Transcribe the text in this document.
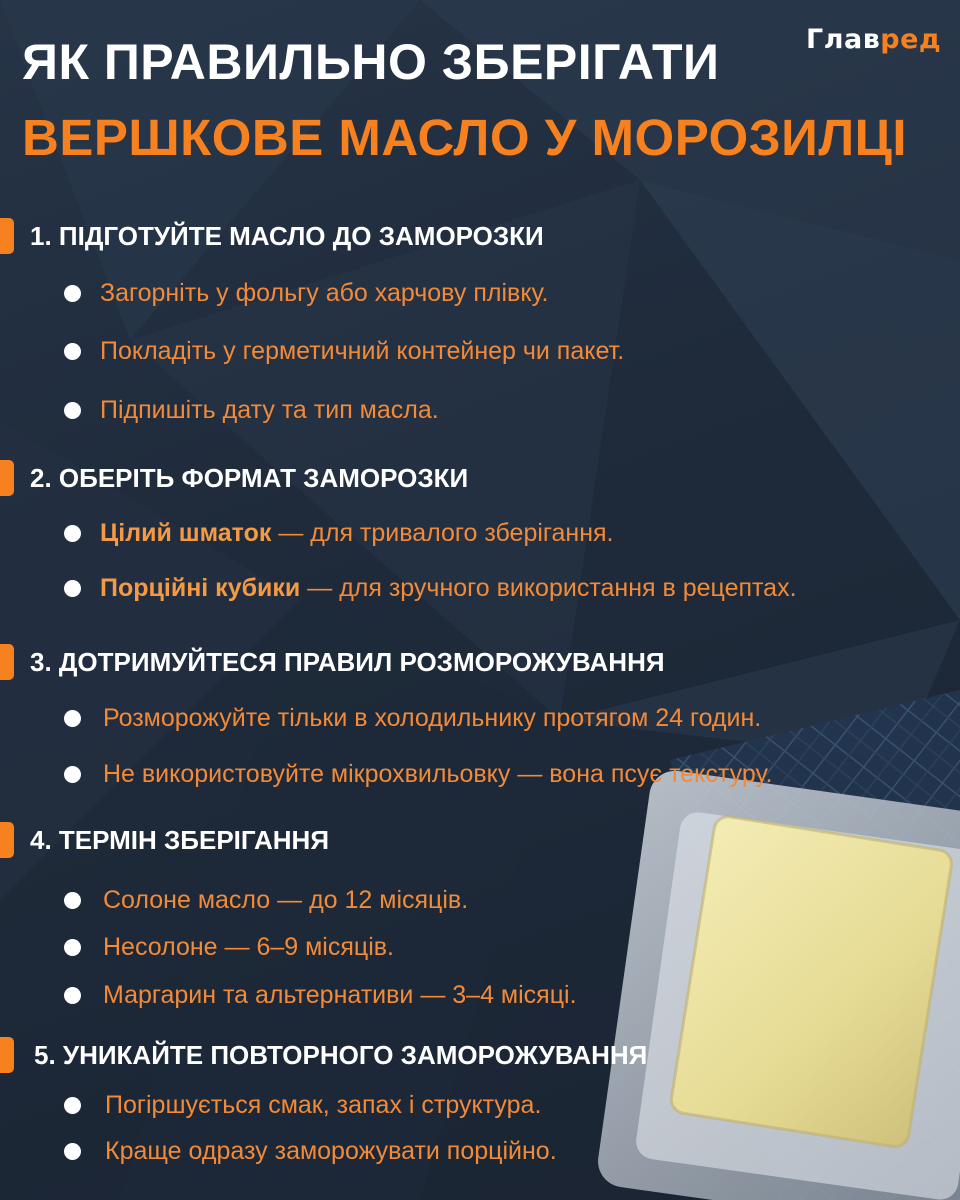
ЯК ПРАВИЛЬНО ЗБЕРІГАТИ
ВЕРШКОВЕ МАСЛО У МОРОЗИЛЦІ
Главред
1. ПІДГОТУЙТЕ МАСЛО ДО ЗАМОРОЗКИ
Загорніть у фольгу або харчову плівку.
Покладіть у герметичний контейнер чи пакет.
Підпишіть дату та тип масла.
2. ОБЕРІТЬ ФОРМАТ ЗАМОРОЗКИ
Цілий шматок — для тривалого зберігання.
Порційні кубики — для зручного використання в рецептах.
3. ДОТРИМУЙТЕСЯ ПРАВИЛ РОЗМОРОЖУВАННЯ
Розморожуйте тільки в холодильнику протягом 24 годин.
Не використовуйте мікрохвильовку — вона псує текстуру.
4. ТЕРМІН ЗБЕРІГАННЯ
Солоне масло — до 12 місяців.
Несолоне — 6–9 місяців.
Маргарин та альтернативи — 3–4 місяці.
5. УНИКАЙТЕ ПОВТОРНОГО ЗАМОРОЖУВАННЯ
Погіршується смак, запах і структура.
Краще одразу заморожувати порційно.
